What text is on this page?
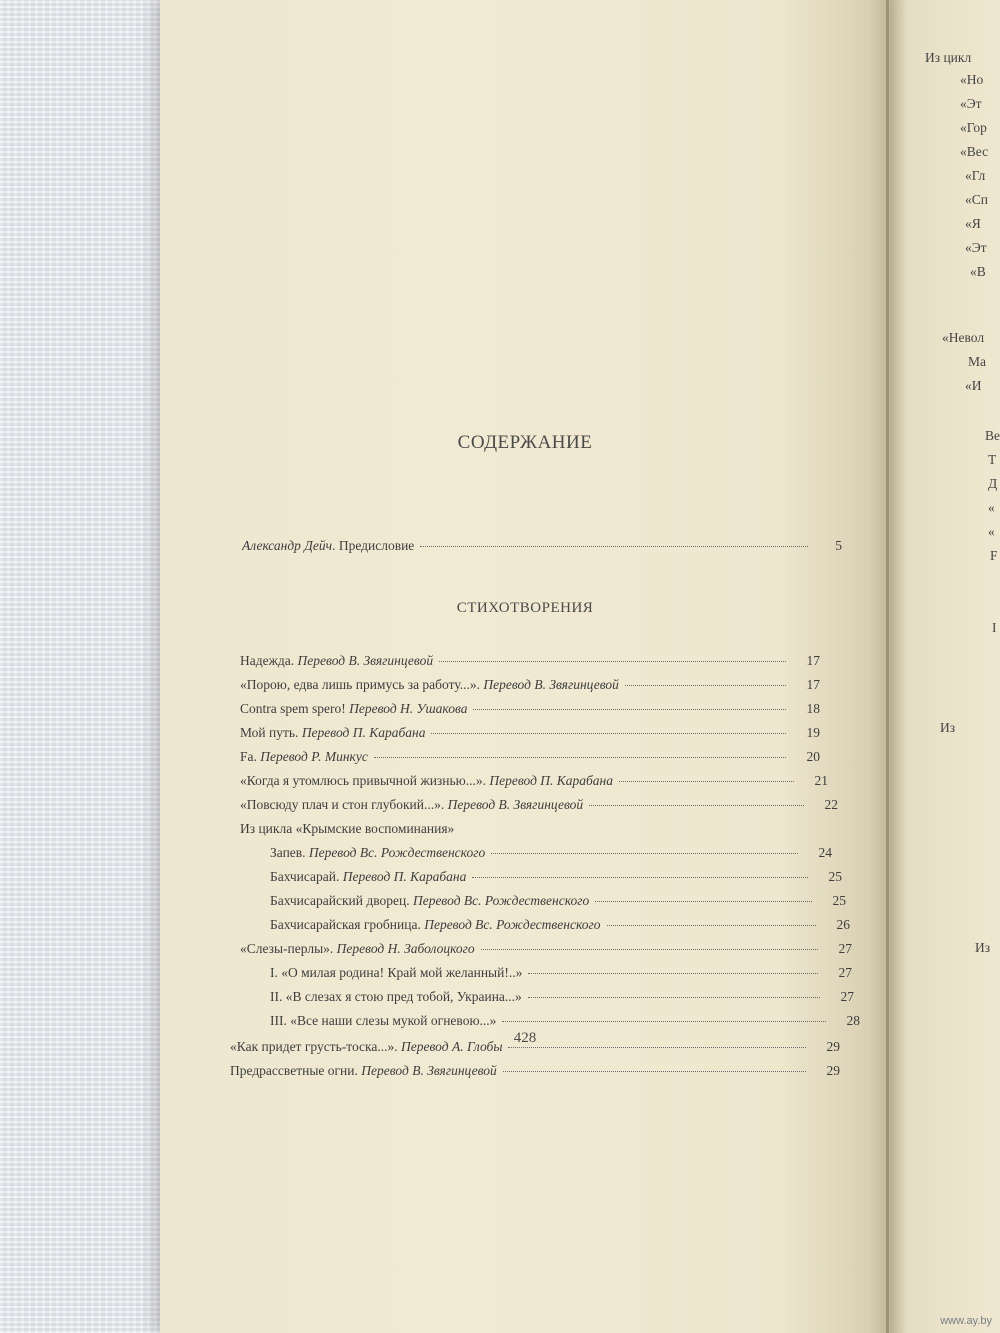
СОДЕРЖАНИЕ
Александр Дейч. Предисловие	5
СТИХОТВОРЕНИЯ
Надежда. Перевод В. Звягинцевой	17
«Порою, едва лишь примусь за работу...». Перевод В. Звягинцевой	17
Contra spem spero! Перевод Н. Ушакова	18
Мой путь. Перевод П. Карабана	19
Fa. Перевод Р. Минкус	20
«Когда я утомлюсь привычной жизнью...». Перевод П. Карабана	21
«Повсюду плач и стон глубокий...». Перевод В. Звягинцевой	22
Из цикла «Крымские воспоминания»
Запев. Перевод Вс. Рождественского	24
Бахчисарай. Перевод П. Карабана	25
Бахчисарайский дворец. Перевод Вс. Рождественского	25
Бахчисарайская гробница. Перевод Вс. Рождественского	26
«Слезы-перлы». Перевод Н. Заболоцкого	27
I. «О милая родина! Край мой желанный!..»	27
II. «В слезах я стою пред тобой, Украина...»	27
III. «Все наши слезы мукой огневою...»	28
«Как придет грусть-тоска...». Перевод А. Глобы	29
Предрассветные огни. Перевод В. Звягинцевой	29
428
Из цикл
«Но
«Эт
«Гор
«Вес
«Гл
«Сп
«Я
«Эт
«В
«Невол
Ма
«И
Ве
Т
Д
«
«
F
I
Из
Из
www.ay.by
